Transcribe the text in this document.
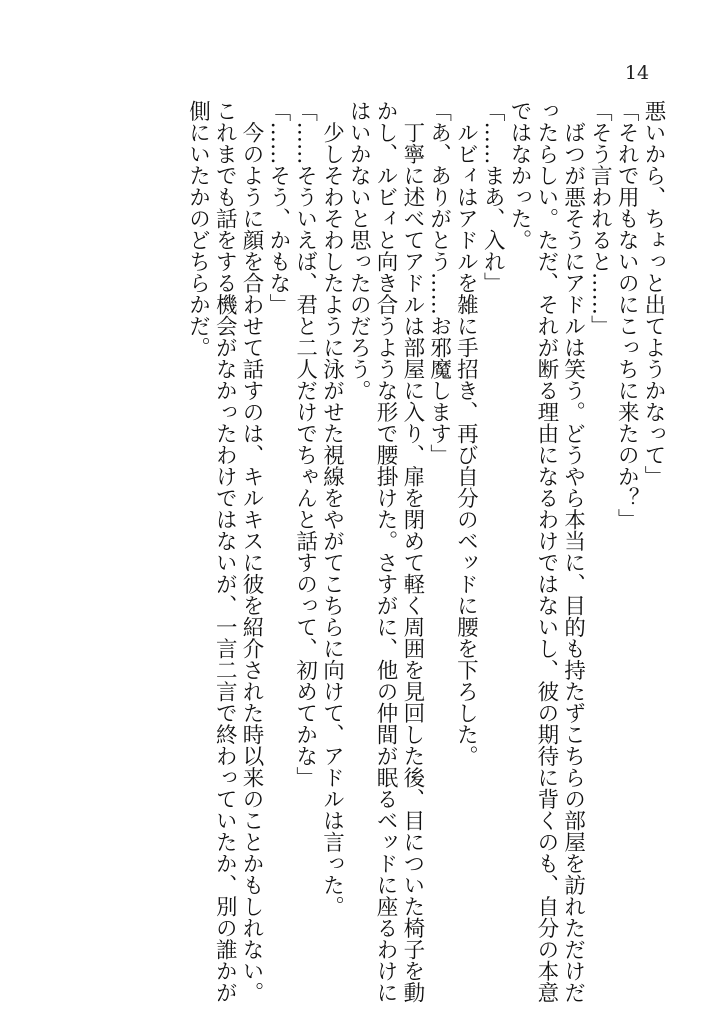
14
悪いから、ちょっと出てようかなって」
「それで用もないのにこっちに来たのか？」
「そう言われると……」
　ばつが悪そうにアドルは笑う。どうやら本当に、目的も持たずこちらの部屋を訪れただけだ
ったらしい。ただ、それが断る理由になるわけではないし、彼の期待に背くのも、自分の本意
ではなかった。
「……まあ、入れ」
　ルビィはアドルを雑に手招き、再び自分のベッドに腰を下ろした。
「あ、ありがとう……お邪魔します」
　丁寧に述べてアドルは部屋に入り、扉を閉めて軽く周囲を見回した後、目についた椅子を動
かし、ルビィと向き合うような形で腰掛けた。さすがに、他の仲間が眠るベッドに座るわけに
はいかないと思ったのだろう。
　少しそわそわしたように泳がせた視線をやがてこちらに向けて、アドルは言った。
「……そういえば、君と二人だけでちゃんと話すのって、初めてかな」
「……そう、かもな」
　今のように顔を合わせて話すのは、キルキスに彼を紹介された時以来のことかもしれない。
これまでも話をする機会がなかったわけではないが、一言二言で終わっていたか、別の誰かが
側にいたかのどちらかだ。
